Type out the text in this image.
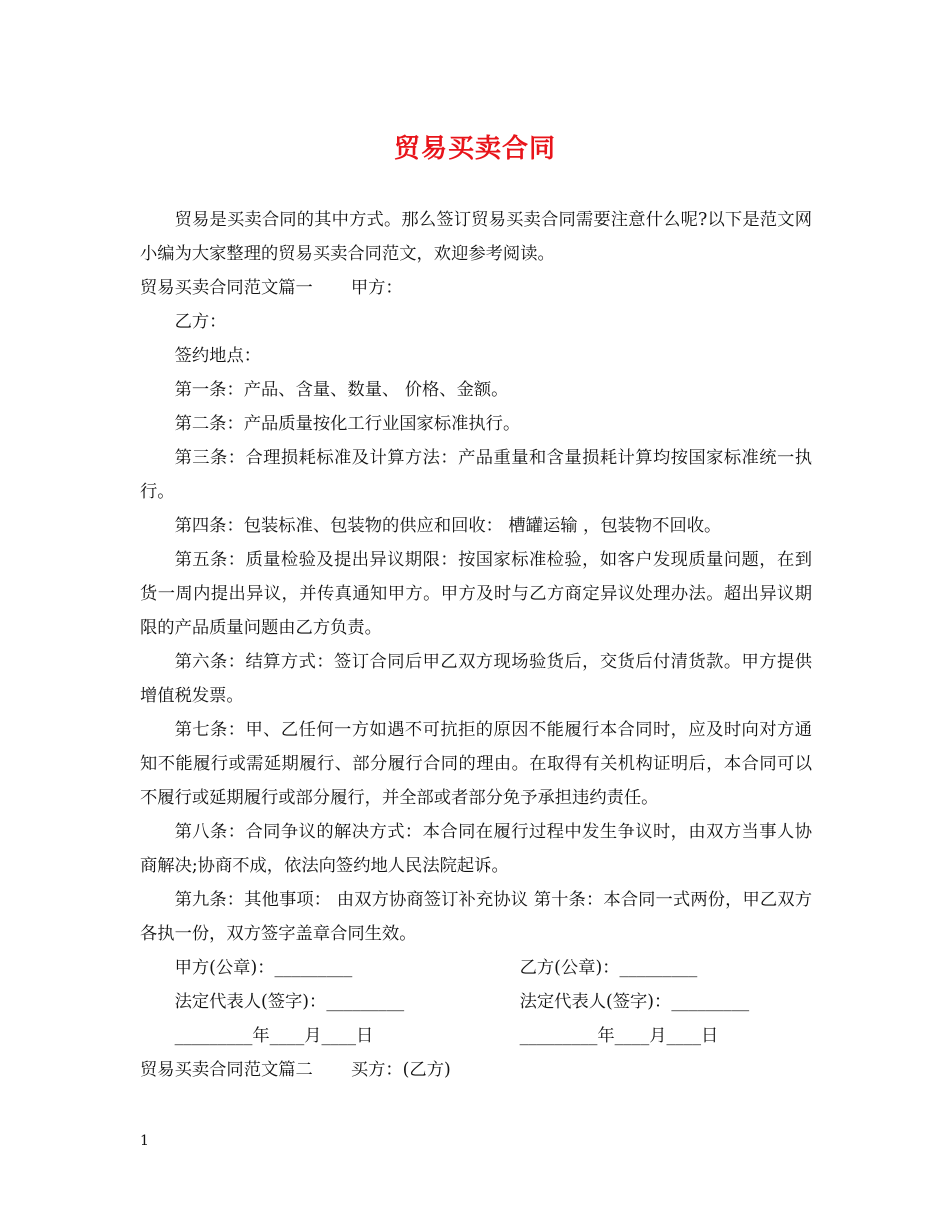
贸易买卖合同

贸易是买卖合同的其中方式。那么签订贸易买卖合同需要注意什么呢?以下是范文网小编为大家整理的贸易买卖合同范文，欢迎参考阅读。

贸易买卖合同范文篇一 甲方：

乙方：

签约地点：

第一条：产品、含量、数量、 价格、金额。

第二条：产品质量按化工行业国家标准执行。

第三条：合理损耗标准及计算方法：产品重量和含量损耗计算均按国家标准统一执行。

第四条：包装标准、包装物的供应和回收： 槽罐运输 ，包装物不回收。

第五条：质量检验及提出异议期限：按国家标准检验，如客户发现质量问题，在到货一周内提出异议，并传真通知甲方。甲方及时与乙方商定异议处理办法。超出异议期限的产品质量问题由乙方负责。

第六条：结算方式：签订合同后甲乙双方现场验货后，交货后付清货款。甲方提供增值税发票。

第七条：甲、乙任何一方如遇不可抗拒的原因不能履行本合同时，应及时向对方通知不能履行或需延期履行、部分履行合同的理由。在取得有关机构证明后，本合同可以不履行或延期履行或部分履行，并全部或者部分免予承担违约责任。

第八条：合同争议的解决方式：本合同在履行过程中发生争议时，由双方当事人协商解决;协商不成，依法向签约地人民法院起诉。

第九条：其他事项： 由双方协商签订补充协议 第十条：本合同一式两份，甲乙双方各执一份，双方签字盖章合同生效。

甲方(公章)：_________	乙方(公章)：_________
法定代表人(签字)：_________	法定代表人(签字)：_________
_________年____月____日	_________年____月____日

贸易买卖合同范文篇二 买方：(乙方)

1
